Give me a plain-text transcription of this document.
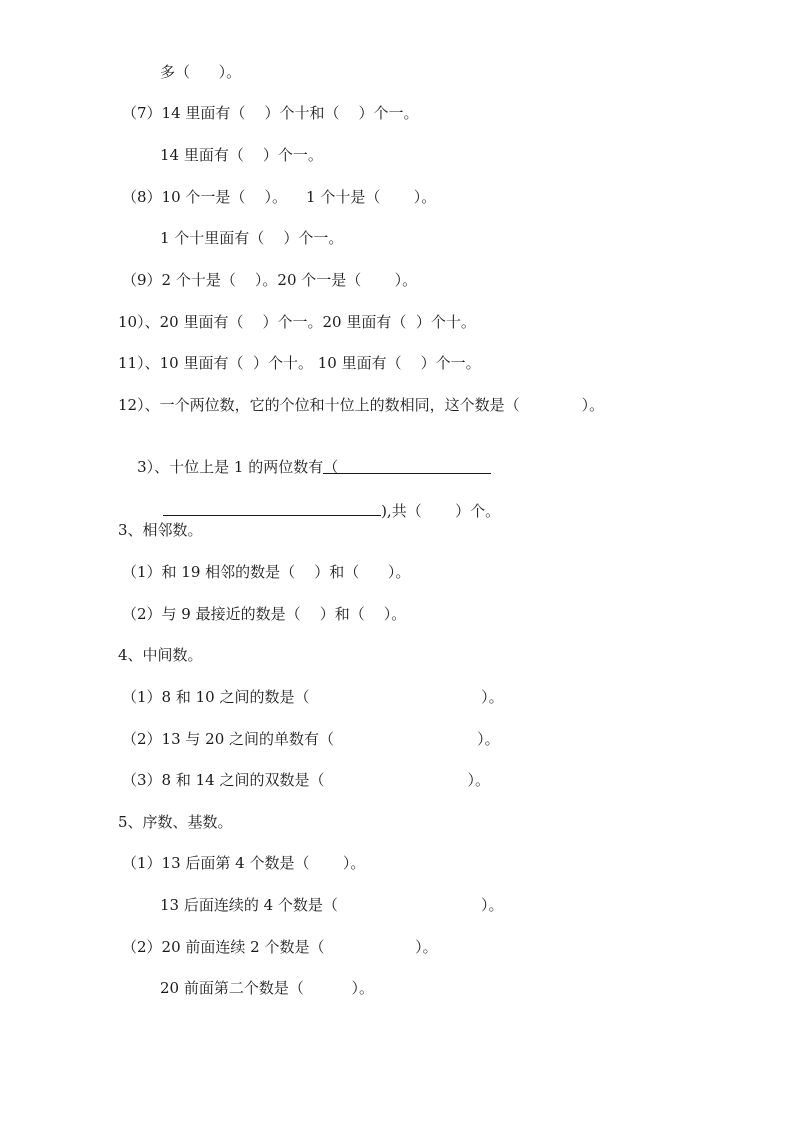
多（      ）。
（7）14 里面有（    ）个十和（    ）个一。
14 里面有（    ）个一。
（8）10 个一是（    ）。    1 个十是（       ）。
1 个十里面有（    ）个一。
（9）2 个十是（    ）。20 个一是（       ）。
10）、20 里面有（    ）个一。20 里面有（  ）个十。
11）、10 里面有（  ）个十。 10 里面有（    ）个一。
12）、一个两位数，它的个位和十位上的数相同，这个数是（             ）。

3）、十位上是 1 的两位数有（

),共（       ）个。

3、相邻数。
（1）和 19 相邻的数是（    ）和（      ）。
（2）与 9 最接近的数是（    ）和（    ）。
4、中间数。
（1）8 和 10 之间的数是（                                    ）。
（2）13 与 20 之间的单数有（                              ）。
（3）8 和 14 之间的双数是（                              ）。
5、序数、基数。
（1）13 后面第 4 个数是（       ）。
13 后面连续的 4 个数是（                              ）。
（2）20 前面连续 2 个数是（                   ）。
20 前面第二个数是（          ）。
